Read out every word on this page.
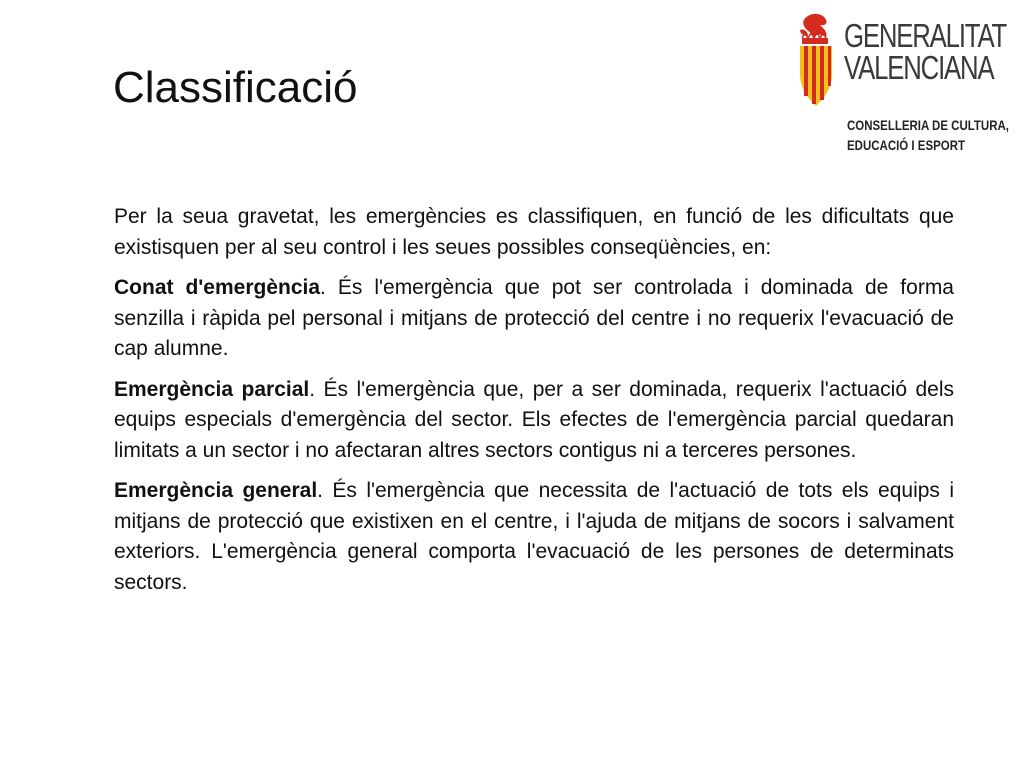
Classificació
GENERALITAT
VALENCIANA
CONSELLERIA DE CULTURA,
EDUCACIÓ I ESPORT

Per la seua gravetat, les emergències es classifiquen, en funció de les dificultats que existisquen per al seu control i les seues possibles conseqüències, en:

Conat d'emergència. És l'emergència que pot ser controlada i dominada de forma senzilla i ràpida pel personal i mitjans de protecció del centre i no requerix l'evacuació de cap alumne.

Emergència parcial. És l'emergència que, per a ser dominada, requerix l'actuació dels equips especials d'emergència del sector. Els efectes de l'emergència parcial quedaran limitats a un sector i no afectaran altres sectors contigus ni a terceres persones.

Emergència general. És l'emergència que necessita de l'actuació de tots els equips i mitjans de protecció que existixen en el centre, i l'ajuda de mitjans de socors i salvament exteriors. L'emergència general comporta l'evacuació de les persones de determinats sectors.
